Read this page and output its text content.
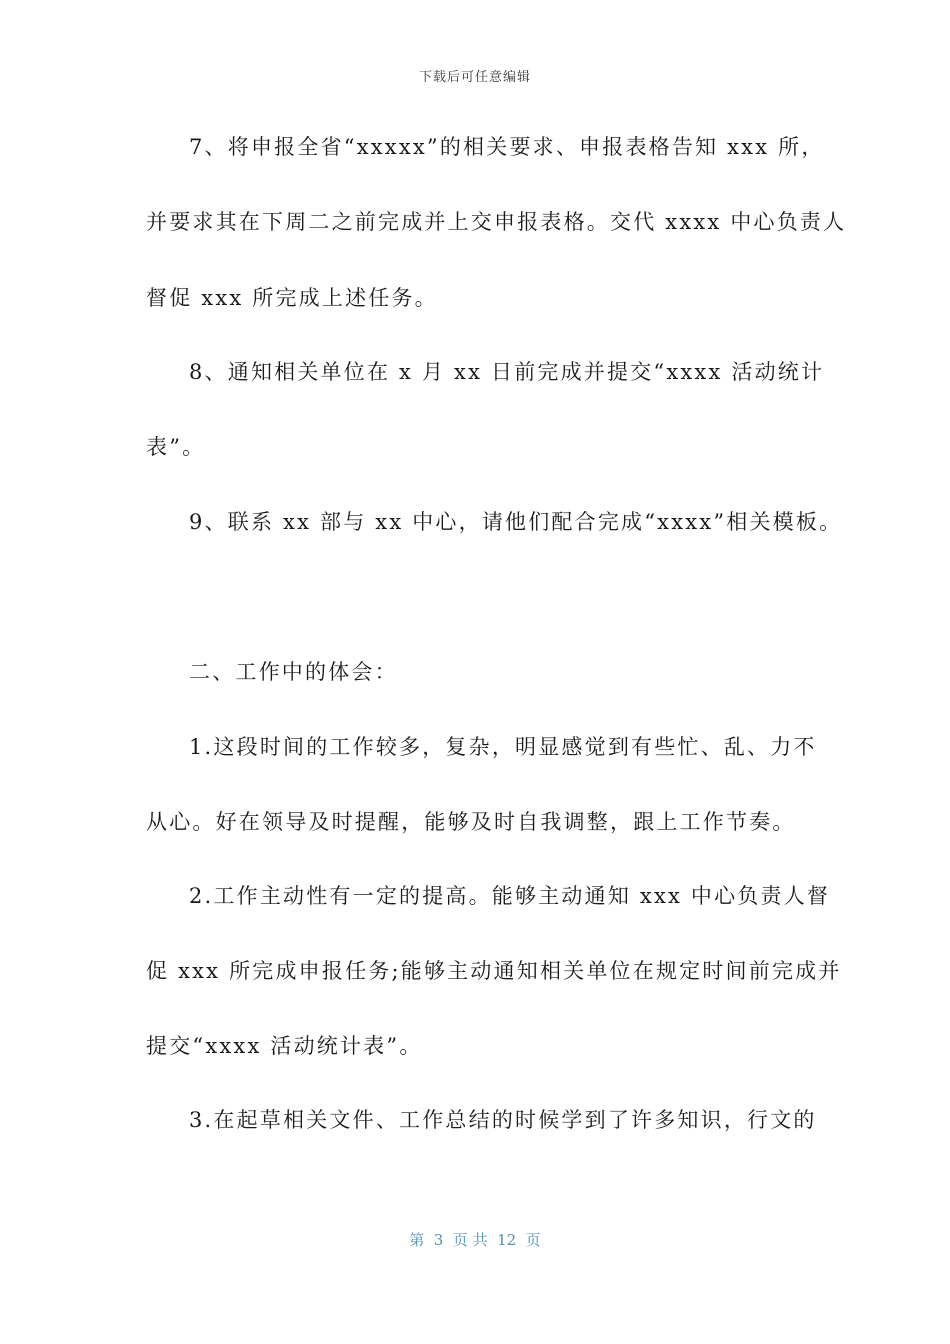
下载后可任意编辑
7、将申报全省“xxxxx”的相关要求、申报表格告知 xxx 所，
并要求其在下周二之前完成并上交申报表格。交代 xxxx 中心负责人
督促 xxx 所完成上述任务。
8、通知相关单位在 x 月 xx 日前完成并提交“xxxx 活动统计
表”。
9、联系 xx 部与 xx 中心，请他们配合完成“xxxx”相关模板。
二、工作中的体会：
1.这段时间的工作较多，复杂，明显感觉到有些忙、乱、力不
从心。好在领导及时提醒，能够及时自我调整，跟上工作节奏。
2.工作主动性有一定的提高。能够主动通知 xxx 中心负责人督
促 xxx 所完成申报任务;能够主动通知相关单位在规定时间前完成并
提交“xxxx 活动统计表”。
3.在起草相关文件、工作总结的时候学到了许多知识，行文的
第  3  页 共  12  页
